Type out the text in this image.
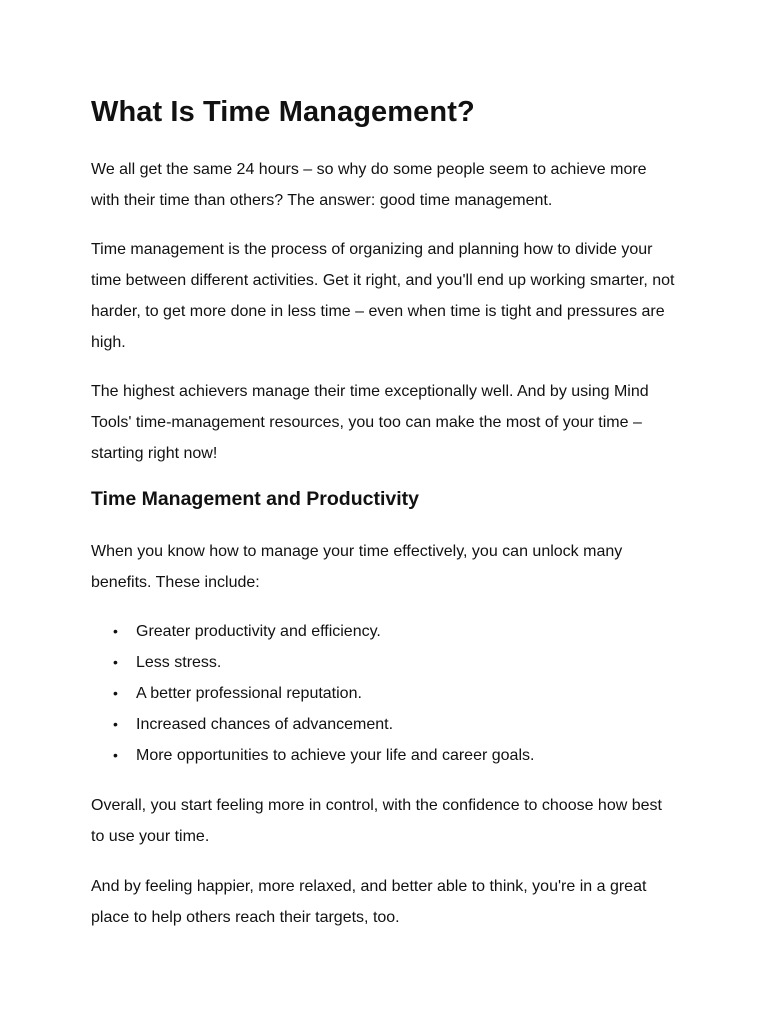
What Is Time Management?

We all get the same 24 hours – so why do some people seem to achieve more with their time than others? The answer: good time management.

Time management is the process of organizing and planning how to divide your time between different activities. Get it right, and you'll end up working smarter, not harder, to get more done in less time – even when time is tight and pressures are high.

The highest achievers manage their time exceptionally well. And by using Mind Tools' time-management resources, you too can make the most of your time – starting right now!

Time Management and Productivity

When you know how to manage your time effectively, you can unlock many benefits. These include:

• Greater productivity and efficiency.
• Less stress.
• A better professional reputation.
• Increased chances of advancement.
• More opportunities to achieve your life and career goals.

Overall, you start feeling more in control, with the confidence to choose how best to use your time.

And by feeling happier, more relaxed, and better able to think, you're in a great place to help others reach their targets, too.
